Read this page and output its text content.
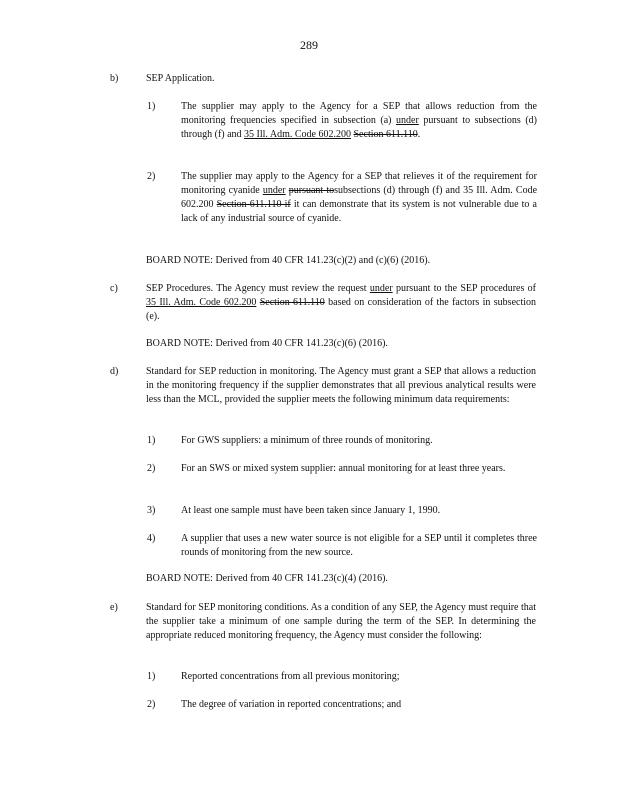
289
b)	SEP Application.
1)	The supplier may apply to the Agency for a SEP that allows reduction from the monitoring frequencies specified in subsection (a) under pursuant to subsections (d) through (f) and 35 Ill. Adm. Code 602.200 Section 611.110.
2)	The supplier may apply to the Agency for a SEP that relieves it of the requirement for monitoring cyanide under pursuant tosubsections (d) through (f) and 35 Ill. Adm. Code 602.200 Section 611.110 if it can demonstrate that its system is not vulnerable due to a lack of any industrial source of cyanide.
BOARD NOTE: Derived from 40 CFR 141.23(c)(2) and (c)(6) (2016).
c)	SEP Procedures. The Agency must review the request under pursuant to the SEP procedures of 35 Ill. Adm. Code 602.200 Section 611.110 based on consideration of the factors in subsection (e).
BOARD NOTE: Derived from 40 CFR 141.23(c)(6) (2016).
d)	Standard for SEP reduction in monitoring. The Agency must grant a SEP that allows a reduction in the monitoring frequency if the supplier demonstrates that all previous analytical results were less than the MCL, provided the supplier meets the following minimum data requirements:
1)	For GWS suppliers: a minimum of three rounds of monitoring.
2)	For an SWS or mixed system supplier: annual monitoring for at least three years.
3)	At least one sample must have been taken since January 1, 1990.
4)	A supplier that uses a new water source is not eligible for a SEP until it completes three rounds of monitoring from the new source.
BOARD NOTE: Derived from 40 CFR 141.23(c)(4) (2016).
e)	Standard for SEP monitoring conditions. As a condition of any SEP, the Agency must require that the supplier take a minimum of one sample during the term of the SEP. In determining the appropriate reduced monitoring frequency, the Agency must consider the following:
1)	Reported concentrations from all previous monitoring;
2)	The degree of variation in reported concentrations; and
